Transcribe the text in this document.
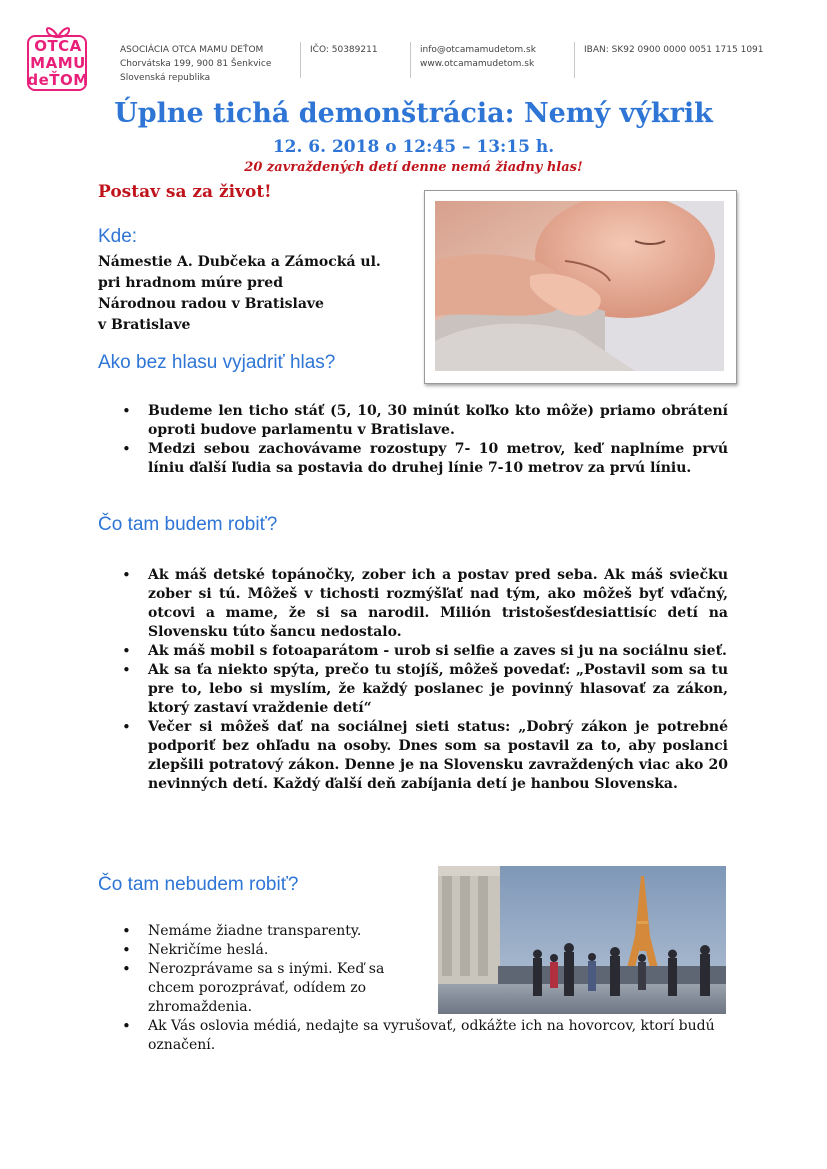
OTCA
MAMU
deŤOM
ASOCIÁCIA OTCA MAMU DEŤOM
Chorvátska 199, 900 81 Šenkvice
Slovenská republika
IČO: 50389211	info@otcamamudetom.sk
www.otcamamudetom.sk
IBAN: SK92 0900 0000 0051 1715 1091
Úplne tichá demonštrácia: Nemý výkrik
12. 6. 2018 o 12:45 – 13:15 h.
20 zavraždených detí denne nemá žiadny hlas!
Postav sa za život!
Kde:
Námestie A. Dubčeka a Zámocká ul.
pri hradnom múre pred
Národnou radou v Bratislave
v Bratislave
Ako bez hlasu vyjadriť hlas?
• Budeme len ticho stáť (5, 10, 30 minút koľko kto môže) priamo obrátení oproti budove parlamentu v Bratislave.
• Medzi sebou zachovávame rozostupy 7- 10 metrov, keď naplníme prvú líniu ďalší ľudia sa postavia do druhej línie 7-10 metrov za prvú líniu.
Čo tam budem robiť?
• Ak máš detské topánočky, zober ich a postav pred seba. Ak máš sviečku zober si tú. Môžeš v tichosti rozmýšľať nad tým, ako môžeš byť vďačný, otcovi a mame, že si sa narodil. Milión tristošesťdesiattisíc detí na Slovensku túto šancu nedostalo.
• Ak máš mobil s fotoaparátom - urob si selfie a zaves si ju na sociálnu sieť.
• Ak sa ťa niekto spýta, prečo tu stojíš, môžeš povedať: „Postavil som sa tu pre to, lebo si myslím, že každý poslanec je povinný hlasovať za zákon, ktorý zastaví vraždenie detí“
• Večer si môžeš dať na sociálnej sieti status: „Dobrý zákon je potrebné podporiť bez ohľadu na osoby. Dnes som sa postavil za to, aby poslanci zlepšili potratový zákon. Denne je na Slovensku zavraždených viac ako 20 nevinných detí. Každý ďalší deň zabíjania detí je hanbou Slovenska.
Čo tam nebudem robiť?
• Nemáme žiadne transparenty.
• Nekričíme heslá.
• Nerozprávame sa s inými. Keď sa chcem porozprávať, odídem zo zhromaždenia.
• Ak Vás oslovia médiá, nedajte sa vyrušovať, odkážte ich na hovorcov, ktorí budú označení.
